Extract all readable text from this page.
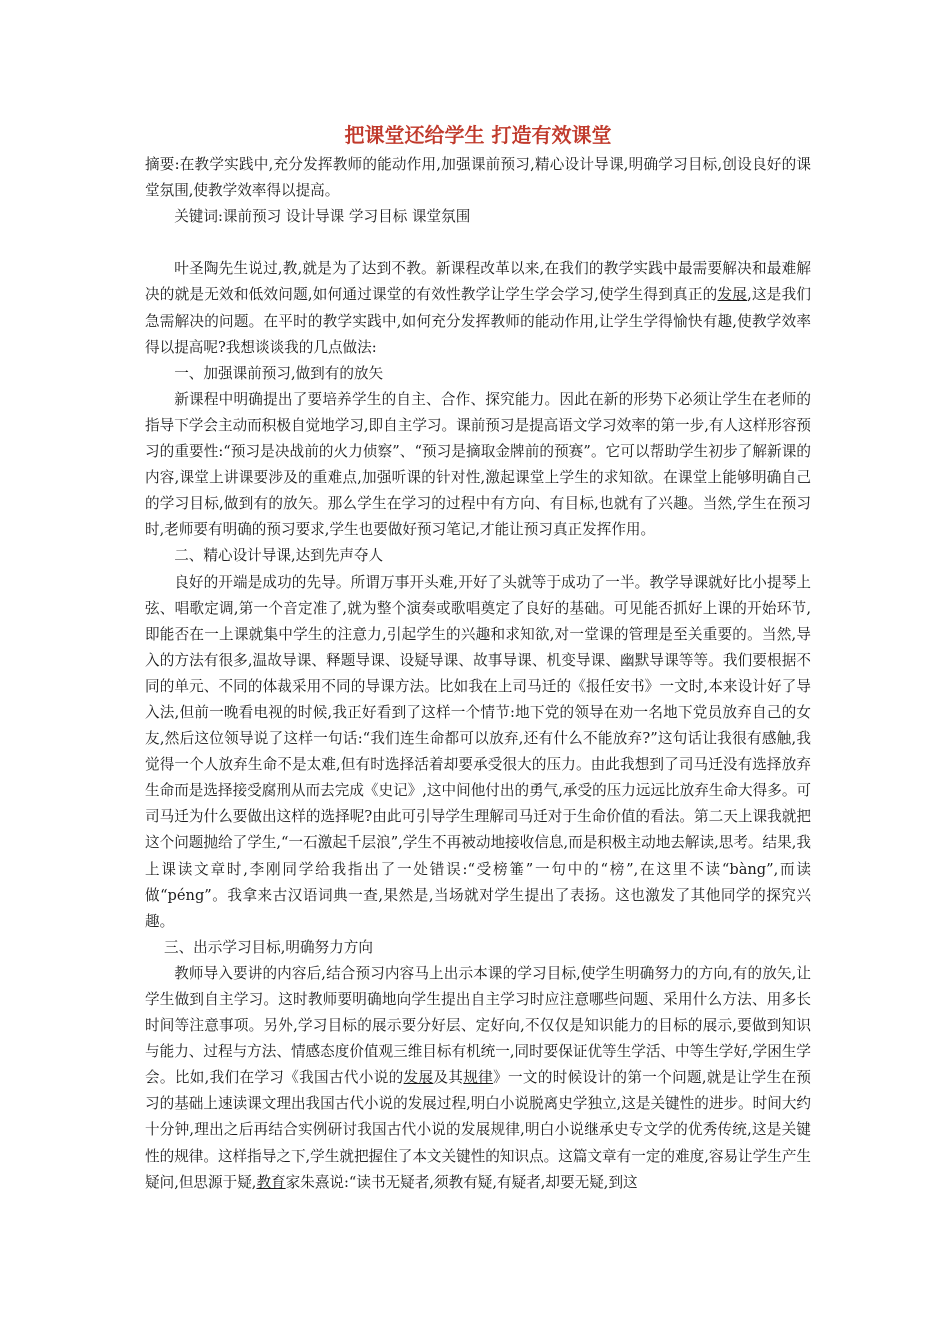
把课堂还给学生 打造有效课堂

摘要:在教学实践中,充分发挥教师的能动作用,加强课前预习,精心设计导课,明确学习目标,创设良好的课堂氛围,使教学效率得以提高。

关键词:课前预习 设计导课 学习目标 课堂氛围

叶圣陶先生说过,教,就是为了达到不教。新课程改革以来,在我们的教学实践中最需要解决和最难解决的就是无效和低效问题,如何通过课堂的有效性教学让学生学会学习,使学生得到真正的发展,这是我们急需解决的问题。在平时的教学实践中,如何充分发挥教师的能动作用,让学生学得愉快有趣,使教学效率得以提高呢?我想谈谈我的几点做法:

一、加强课前预习,做到有的放矢

新课程中明确提出了要培养学生的自主、合作、探究能力。因此在新的形势下必须让学生在老师的指导下学会主动而积极自觉地学习,即自主学习。课前预习是提高语文学习效率的第一步,有人这样形容预习的重要性:“预习是决战前的火力侦察”、“预习是摘取金牌前的预赛”。它可以帮助学生初步了解新课的内容,课堂上讲课要涉及的重难点,加强听课的针对性,激起课堂上学生的求知欲。在课堂上能够明确自己的学习目标,做到有的放矢。那么学生在学习的过程中有方向、有目标,也就有了兴趣。当然,学生在预习时,老师要有明确的预习要求,学生也要做好预习笔记,才能让预习真正发挥作用。

二、精心设计导课,达到先声夺人

良好的开端是成功的先导。所谓万事开头难,开好了头就等于成功了一半。教学导课就好比小提琴上弦、唱歌定调,第一个音定准了,就为整个演奏或歌唱奠定了良好的基础。可见能否抓好上课的开始环节,即能否在一上课就集中学生的注意力,引起学生的兴趣和求知欲,对一堂课的管理是至关重要的。当然,导入的方法有很多,温故导课、释题导课、设疑导课、故事导课、机变导课、幽默导课等等。我们要根据不同的单元、不同的体裁采用不同的导课方法。比如我在上司马迁的《报任安书》一文时,本来设计好了导入法,但前一晚看电视的时候,我正好看到了这样一个情节:地下党的领导在劝一名地下党员放弃自己的女友,然后这位领导说了这样一句话:“我们连生命都可以放弃,还有什么不能放弃?”这句话让我很有感触,我觉得一个人放弃生命不是太难,但有时选择活着却要承受很大的压力。由此我想到了司马迁没有选择放弃生命而是选择接受腐刑从而去完成《史记》,这中间他付出的勇气,承受的压力远远比放弃生命大得多。可司马迁为什么要做出这样的选择呢?由此可引导学生理解司马迁对于生命价值的看法。第二天上课我就把这个问题抛给了学生,“一石激起千层浪”,学生不再被动地接收信息,而是积极主动地去解读,思考。结果,我上课读文章时,李刚同学给我指出了一处错误:“受榜箠”一句中的“榜”,在这里不读“bàng”,而读做“péng”。我拿来古汉语词典一查,果然是,当场就对学生提出了表扬。这也激发了其他同学的探究兴趣。

三、出示学习目标,明确努力方向

教师导入要讲的内容后,结合预习内容马上出示本课的学习目标,使学生明确努力的方向,有的放矢,让学生做到自主学习。这时教师要明确地向学生提出自主学习时应注意哪些问题、采用什么方法、用多长时间等注意事项。另外,学习目标的展示要分好层、定好向,不仅仅是知识能力的目标的展示,要做到知识与能力、过程与方法、情感态度价值观三维目标有机统一,同时要保证优等生学活、中等生学好,学困生学会。比如,我们在学习《我国古代小说的发展及其规律》一文的时候设计的第一个问题,就是让学生在预习的基础上速读课文理出我国古代小说的发展过程,明白小说脱离史学独立,这是关键性的进步。时间大约十分钟,理出之后再结合实例研讨我国古代小说的发展规律,明白小说继承史专文学的优秀传统,这是关键性的规律。这样指导之下,学生就把握住了本文关键性的知识点。这篇文章有一定的难度,容易让学生产生疑问,但思源于疑,教育家朱熹说:“读书无疑者,须教有疑,有疑者,却要无疑,到这
